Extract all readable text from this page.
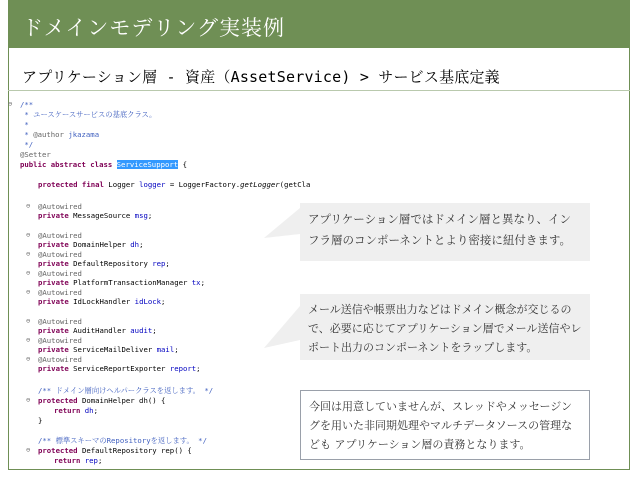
ドメインモデリング実装例
アプリケーション層 - 資産（AssetService) > サービス基底定義
⊖	/**
* ユースケースサービスの基底クラス。
*
* @author jkazama
*/
@Setter
public abstract class ServiceSupport {
protected final Logger logger = LoggerFactory.getLogger(getCla
⊖	@Autowired
private MessageSource msg;
⊖	@Autowired
private DomainHelper dh;
⊖	@Autowired
private DefaultRepository rep;
⊖	@Autowired
private PlatformTransactionManager tx;
⊖	@Autowired
private IdLockHandler idLock;
⊖	@Autowired
private AuditHandler audit;
⊖	@Autowired
private ServiceMailDeliver mail;
⊖	@Autowired
private ServiceReportExporter report;
/** ドメイン層向けヘルパークラスを返します。 */
⊖	protected DomainHelper dh() {
return dh;
}
/** 標準スキーマのRepositoryを返します。 */
⊖	protected DefaultRepository rep() {
return rep;
アプリケーション層ではドメイン層と異なり、インフラ層のコンポーネントとより密接に紐付きます。
メール送信や帳票出力などはドメイン概念が交じるので、必要に応じてアプリケーション層でメール送信やレポート出力のコンポーネントをラップします。
今回は用意していませんが、スレッドやメッセージングを用いた非同期処理やマルチデータソースの管理なども アプリケーション層の責務となります。
